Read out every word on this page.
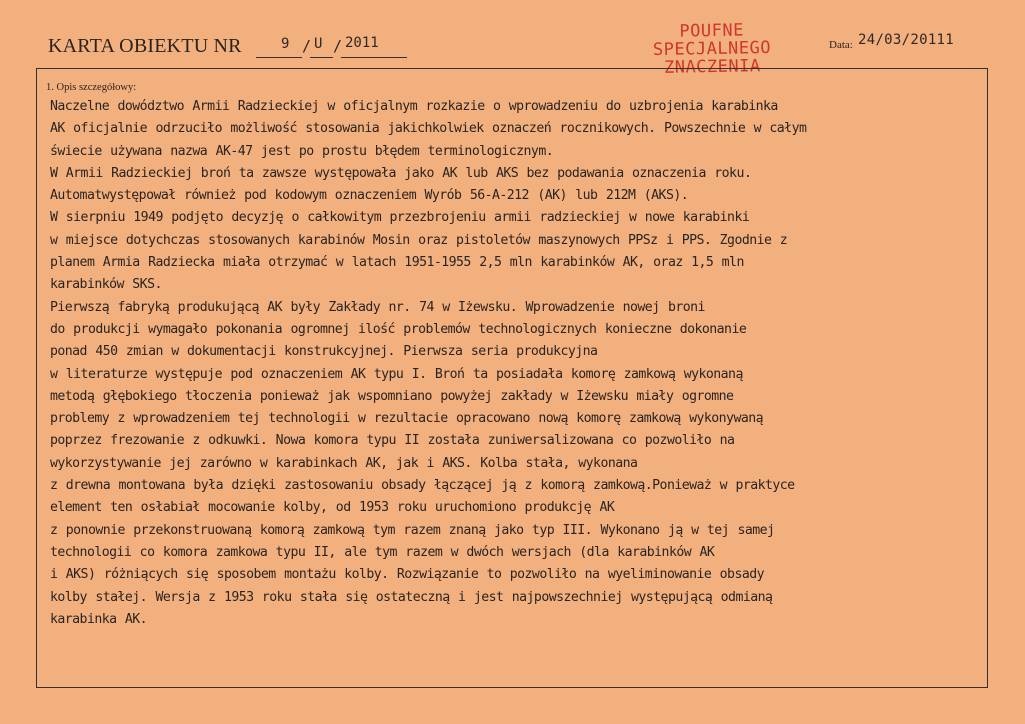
KARTA OBIEKTU NR	9 / U / 2011
POUFNE
SPECJALNEGO
ZNACZENIA
Data: 24/03/20111
1. Opis szczegółowy:
Naczelne dowództwo Armii Radzieckiej w oficjalnym rozkazie o wprowadzeniu do uzbrojenia karabinka
AK oficjalnie odrzuciło możliwość stosowania jakichkolwiek oznaczeń rocznikowych. Powszechnie w całym
świecie używana nazwa AK-47 jest po prostu błędem terminologicznym.
W Armii Radzieckiej broń ta zawsze występowała jako AK lub AKS bez podawania oznaczenia roku.
Automatwystępował również pod kodowym oznaczeniem Wyrób 56-A-212 (AK) lub 212M (AKS).
W sierpniu 1949 podjęto decyzję o całkowitym przezbrojeniu armii radzieckiej w nowe karabinki
w miejsce dotychczas stosowanych karabinów Mosin oraz pistoletów maszynowych PPSz i PPS. Zgodnie z
planem Armia Radziecka miała otrzymać w latach 1951-1955 2,5 mln karabinków AK, oraz 1,5 mln
karabinków SKS.
Pierwszą fabryką produkującą AK były Zakłady nr. 74 w Iżewsku. Wprowadzenie nowej broni
do produkcji wymagało pokonania ogromnej ilość problemów technologicznych konieczne dokonanie
ponad 450 zmian w dokumentacji konstrukcyjnej. Pierwsza seria produkcyjna
w literaturze występuje pod oznaczeniem AK typu I. Broń ta posiadała komorę zamkową wykonaną
metodą głębokiego tłoczenia ponieważ jak wspomniano powyżej zakłady w Iżewsku miały ogromne
problemy z wprowadzeniem tej technologii w rezultacie opracowano nową komorę zamkową wykonywaną
poprzez frezowanie z odkuwki. Nowa komora typu II została zuniwersalizowana co pozwoliło na
wykorzystywanie jej zarówno w karabinkach AK, jak i AKS. Kolba stała, wykonana
z drewna montowana była dzięki zastosowaniu obsady łączącej ją z komorą zamkową.Ponieważ w praktyce
element ten osłabiał mocowanie kolby, od 1953 roku uruchomiono produkcję AK
z ponownie przekonstruowaną komorą zamkową tym razem znaną jako typ III. Wykonano ją w tej samej
technologii co komora zamkowa typu II, ale tym razem w dwóch wersjach (dla karabinków AK
i AKS) różniących się sposobem montażu kolby. Rozwiązanie to pozwoliło na wyeliminowanie obsady
kolby stałej. Wersja z 1953 roku stała się ostateczną i jest najpowszechniej występującą odmianą
karabinka AK.
